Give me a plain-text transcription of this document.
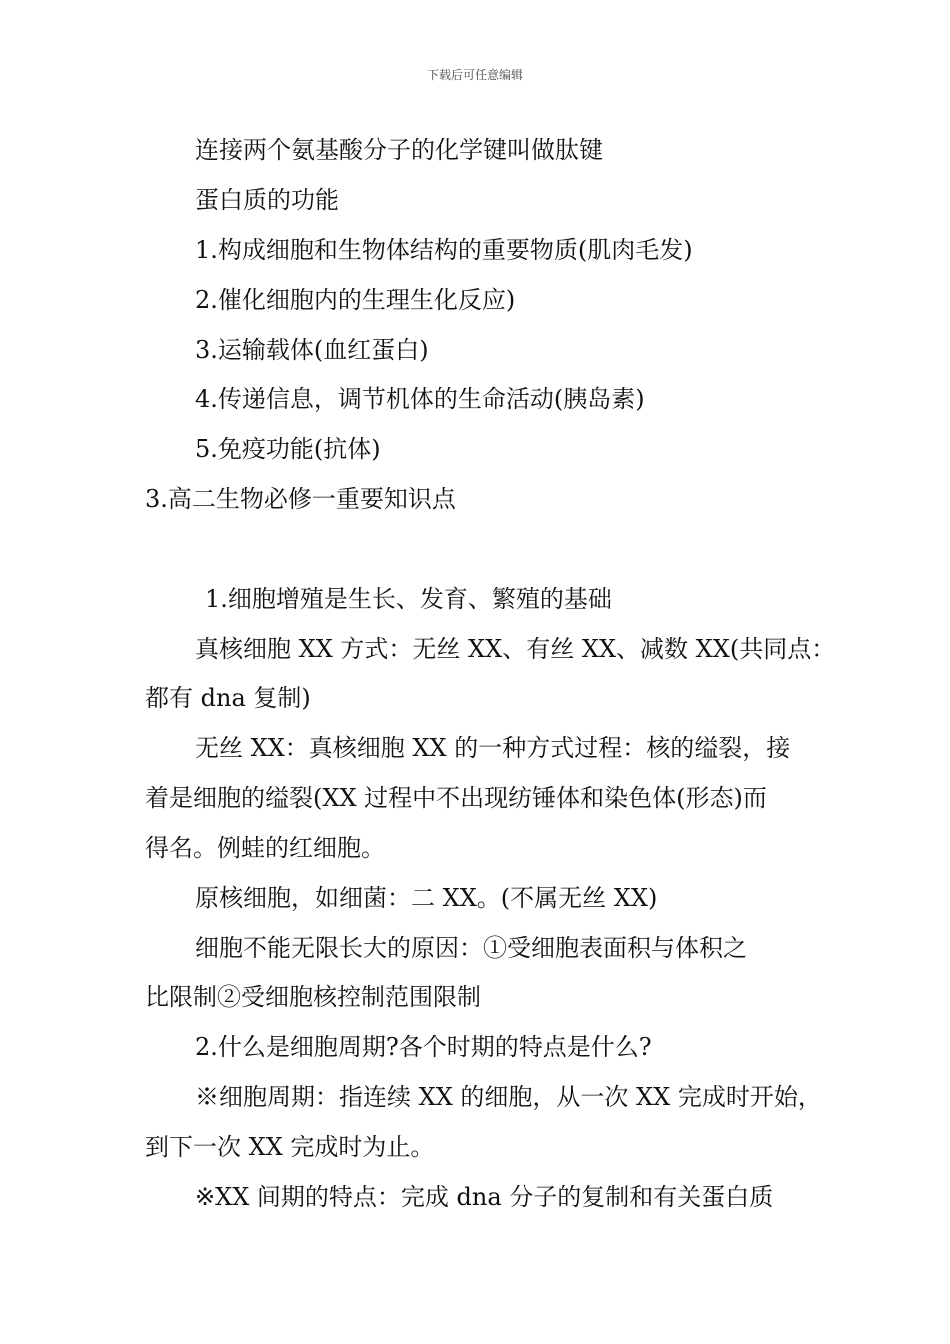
下载后可任意编辑
连接两个氨基酸分子的化学键叫做肽键
蛋白质的功能
1.构成细胞和生物体结构的重要物质(肌肉毛发)
2.催化细胞内的生理生化反应)
3.运输载体(血红蛋白)
4.传递信息，调节机体的生命活动(胰岛素)
5.免疫功能(抗体)
3.高二生物必修一重要知识点
1.细胞增殖是生长、发育、繁殖的基础
真核细胞 XX 方式：无丝 XX、有丝 XX、减数 XX(共同点：
都有 dna 复制)
无丝 XX：真核细胞 XX 的一种方式过程：核的缢裂，接
着是细胞的缢裂(XX 过程中不出现纺锤体和染色体(形态)而
得名。例蛙的红细胞。
原核细胞，如细菌：二 XX。(不属无丝 XX)
细胞不能无限长大的原因：①受细胞表面积与体积之
比限制②受细胞核控制范围限制
2.什么是细胞周期?各个时期的特点是什么?
※细胞周期：指连续 XX 的细胞，从一次 XX 完成时开始，
到下一次 XX 完成时为止。
※XX 间期的特点：完成 dna 分子的复制和有关蛋白质
